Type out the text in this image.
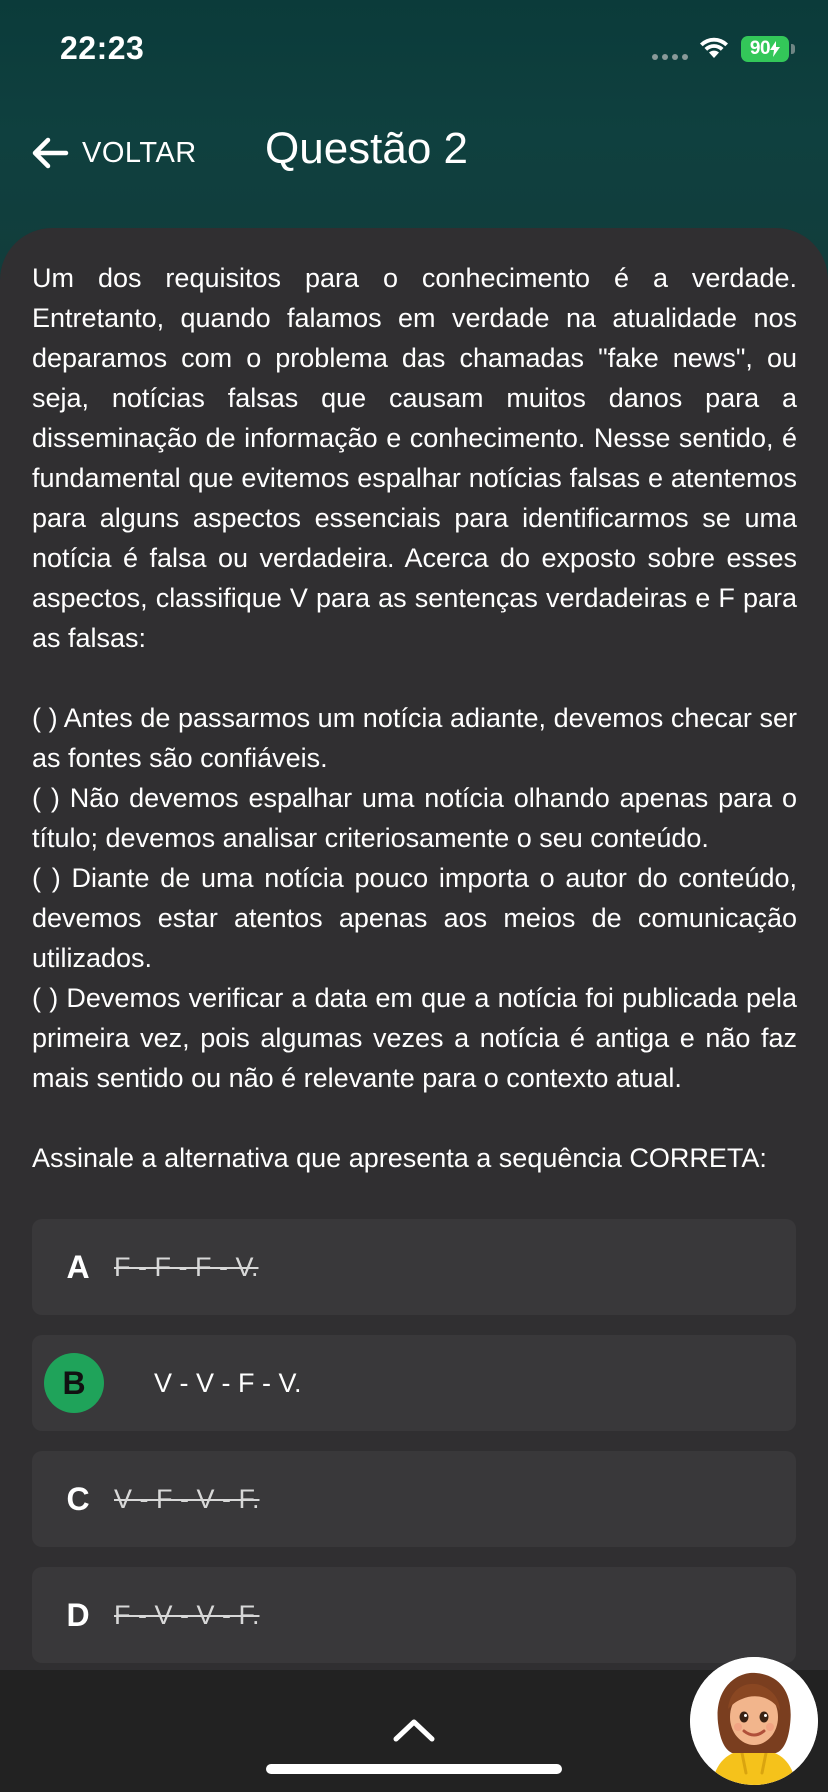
22:23	90
VOLTAR Questão 2

Um dos requisitos para o conhecimento é a verdade. Entretanto, quando falamos em verdade na atualidade nos deparamos com o problema das chamadas "fake news", ou seja, notícias falsas que causam muitos danos para a disseminação de informação e conhecimento. Nesse sentido, é fundamental que evitemos espalhar notícias falsas e atentemos para alguns aspectos essenciais para identificarmos se uma notícia é falsa ou verdadeira. Acerca do exposto sobre esses aspectos, classifique V para as sentenças verdadeiras e F para as falsas:

( ) Antes de passarmos um notícia adiante, devemos checar ser as fontes são confiáveis.

( ) Não devemos espalhar uma notícia olhando apenas para o título; devemos analisar criteriosamente o seu conteúdo.

( ) Diante de uma notícia pouco importa o autor do conteúdo, devemos estar atentos apenas aos meios de comunicação utilizados.

( ) Devemos verificar a data em que a notícia foi publicada pela primeira vez, pois algumas vezes a notícia é antiga e não faz mais sentido ou não é relevante para o contexto atual.

Assinale a alternativa que apresenta a sequência CORRETA:

A F - F - F - V.
B	V - V - F - V.
C V - F - V - F.
D F - V - V - F.
